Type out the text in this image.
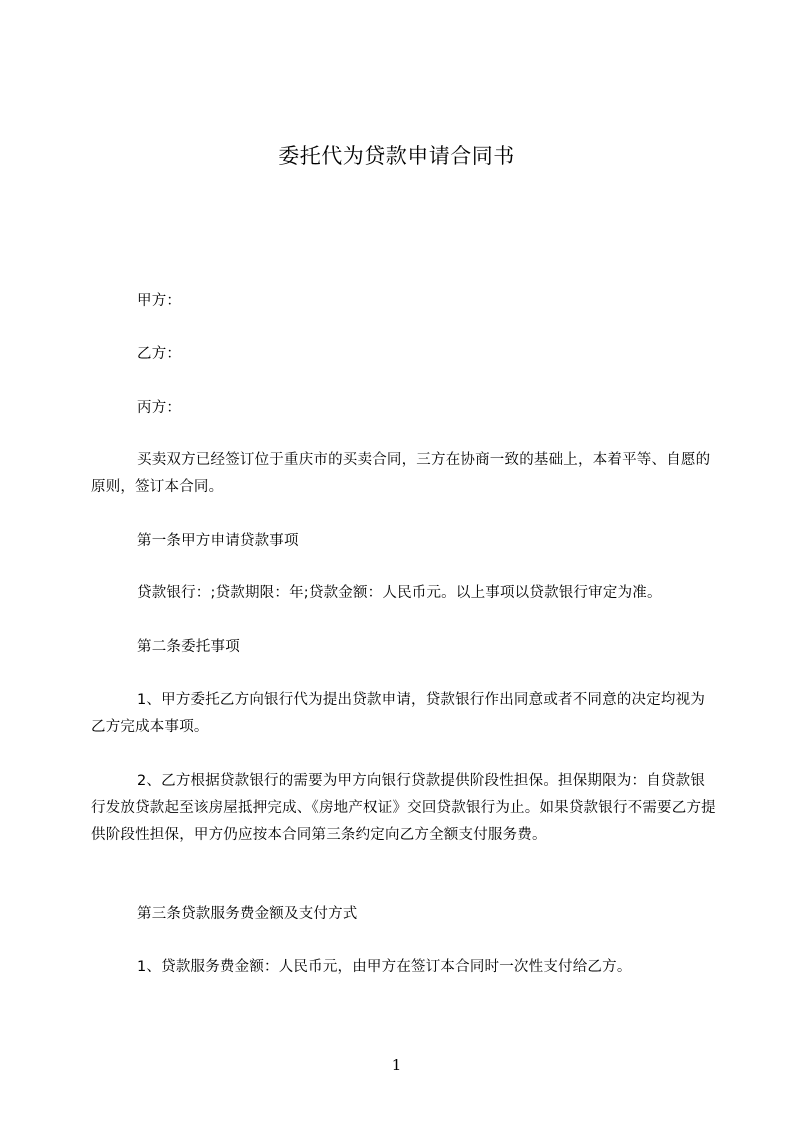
委托代为贷款申请合同书

甲方：

乙方：

丙方：

买卖双方已经签订位于重庆市的买卖合同，三方在协商一致的基础上，本着平等、自愿的原则，签订本合同。

第一条甲方申请贷款事项

贷款银行：;贷款期限：年;贷款金额：人民币元。以上事项以贷款银行审定为准。

第二条委托事项

1、甲方委托乙方向银行代为提出贷款申请，贷款银行作出同意或者不同意的决定均视为乙方完成本事项。

2、乙方根据贷款银行的需要为甲方向银行贷款提供阶段性担保。担保期限为：自贷款银行发放贷款起至该房屋抵押完成、《房地产权证》交回贷款银行为止。如果贷款银行不需要乙方提供阶段性担保，甲方仍应按本合同第三条约定向乙方全额支付服务费。

第三条贷款服务费金额及支付方式

1、贷款服务费金额：人民币元，由甲方在签订本合同时一次性支付给乙方。

1
